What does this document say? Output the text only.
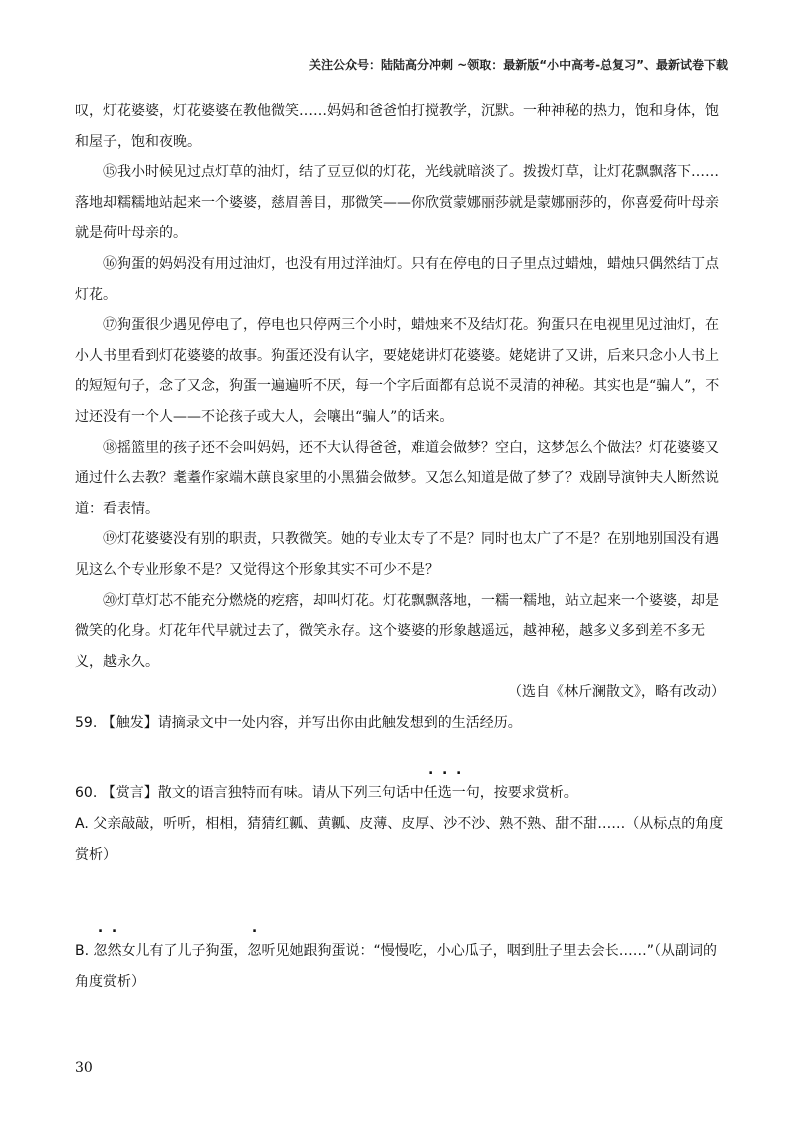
关注公众号：陆陆高分冲刺 ~领取：最新版“小中高考-总复习”、最新试卷下载

叹，灯花婆婆，灯花婆婆在教他微笑……妈妈和爸爸怕打搅教学，沉默。一种神秘的热力，饱和身体，饱和屋子，饱和夜晚。

⑮我小时候见过点灯草的油灯，结了豆豆似的灯花，光线就暗淡了。拨拨灯草，让灯花飘飘落下……落地却糯糯地站起来一个婆婆，慈眉善目，那微笑——你欣赏蒙娜丽莎就是蒙娜丽莎的，你喜爱荷叶母亲就是荷叶母亲的。

⑯狗蛋的妈妈没有用过油灯，也没有用过洋油灯。只有在停电的日子里点过蜡烛，蜡烛只偶然结丁点灯花。

⑰狗蛋很少遇见停电了，停电也只停两三个小时，蜡烛来不及结灯花。狗蛋只在电视里见过油灯，在小人书里看到灯花婆婆的故事。狗蛋还没有认字，要姥姥讲灯花婆婆。姥姥讲了又讲，后来只念小人书上的短短句子，念了又念，狗蛋一遍遍听不厌，每一个字后面都有总说不灵清的神秘。其实也是“骗人”，不过还没有一个人——不论孩子或大人，会嚷出“骗人”的话来。

⑱摇篮里的孩子还不会叫妈妈，还不大认得爸爸，难道会做梦？空白，这梦怎么个做法？灯花婆婆又通过什么去教？耄耋作家端木蕻良家里的小黑猫会做梦。又怎么知道是做了梦了？戏剧导演钟夫人断然说道：看表情。

⑲灯花婆婆没有别的职责，只教微笑。她的专业太专了不是？同时也太广了不是？在别地别国没有遇见这么个专业形象不是？又觉得这个形象其实不可少不是？

⑳灯草灯芯不能充分燃烧的疙瘩，却叫灯花。灯花飘飘落地，一糯一糯地，站立起来一个婆婆，却是微笑的化身。灯花年代早就过去了，微笑永存。这个婆婆的形象越遥远，越神秘，越多义多到差不多无义，越永久。

（选自《林斤澜散文》，略有改动）

59. 【触发】请摘录文中一处内容，并写出你由此触发想到的生活经历。

60. 【赏言】散文的语言独特而有味。请从下列三句话中任选一句，按要求赏析。

A. 父亲敲敲，听听，相相，猜猜红瓤、黄瓤、皮薄、皮厚、沙不沙、熟不熟、甜不甜……（从标点的角度赏析）

B. 忽然女儿有了儿子狗蛋，忽听见她跟狗蛋说：“慢慢吃，小心瓜子，咽到肚子里去会长……”（从副词的角度赏析）

30
